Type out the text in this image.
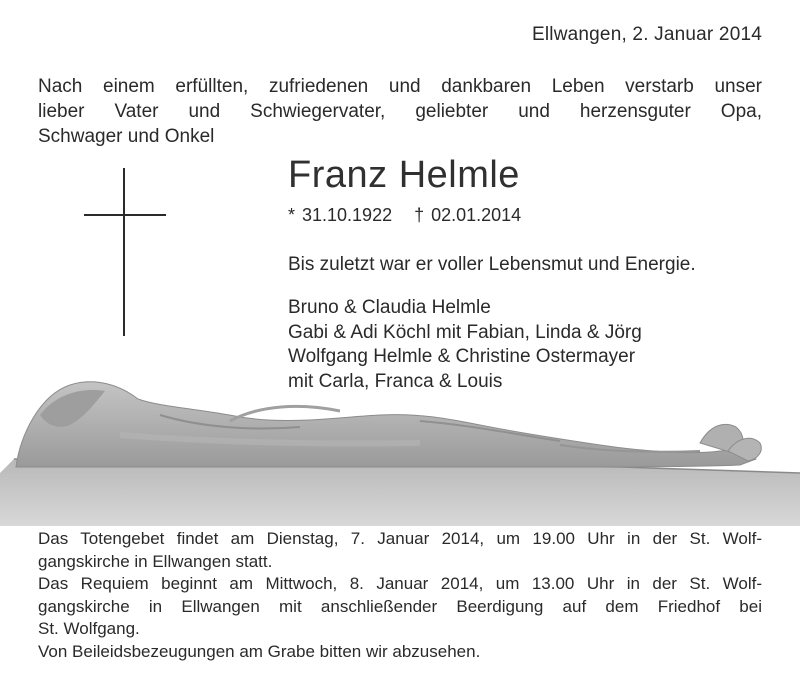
Ellwangen, 2. Januar 2014
Nach einem erfüllten, zufriedenen und dankbaren Leben verstarb unser
lieber Vater und Schwiegervater, geliebter und herzensguter Opa,
Schwager und Onkel
Franz Helmle
* 31.10.1922 † 02.01.2014
Bis zuletzt war er voller Lebensmut und Energie.
Bruno & Claudia Helmle
Gabi & Adi Köchl mit Fabian, Linda & Jörg
Wolfgang Helmle & Christine Ostermayer
mit Carla, Franca & Louis
Das Totengebet findet am Dienstag, 7. Januar 2014, um 19.00 Uhr in der St. Wolf-
gangskirche in Ellwangen statt.
Das Requiem beginnt am Mittwoch, 8. Januar 2014, um 13.00 Uhr in der St. Wolf-
gangskirche in Ellwangen mit anschließender Beerdigung auf dem Friedhof bei
St. Wolfgang.
Von Beileidsbezeugungen am Grabe bitten wir abzusehen.
